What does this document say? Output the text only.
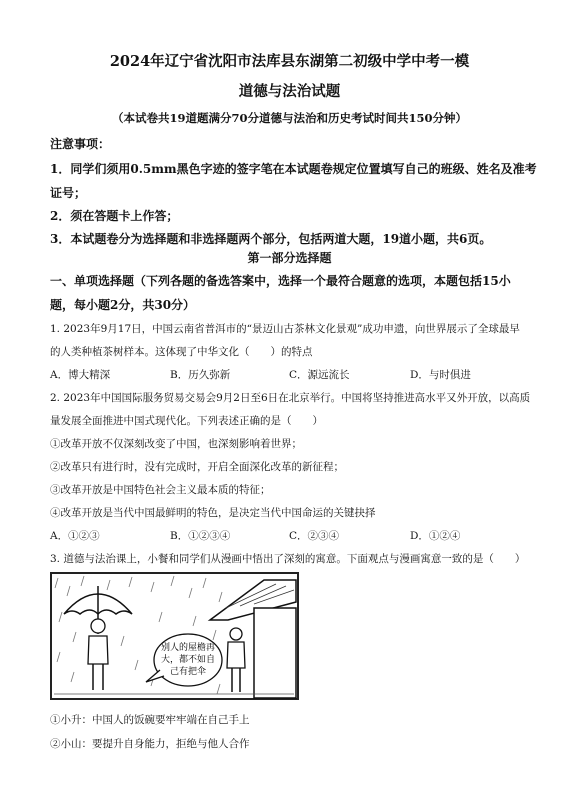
2024年辽宁省沈阳市法库县东湖第二初级中学中考一模
道德与法治试题
（本试卷共19道题满分70分道德与法治和历史考试时间共150分钟）
注意事项：
1．同学们须用0.5mm黑色字迹的签字笔在本试题卷规定位置填写自己的班级、姓名及准考
证号；
2．须在答题卡上作答；
3．本试题卷分为选择题和非选择题两个部分，包括两道大题，19道小题，共6页。
第一部分选择题
一、单项选择题（下列各题的备选答案中，选择一个最符合题意的选项，本题包括15小
题，每小题2分，共30分）
1. 2023年9月17日，中国云南省普洱市的“景迈山古茶林文化景观”成功申遗，向世界展示了全球最早
的人类种植茶树样本。这体现了中华文化（　　）的特点
A．博大精深	B．历久弥新	C．源远流长	D．与时俱进
2. 2023年中国国际服务贸易交易会9月2日至6日在北京举行。中国将坚持推进高水平又外开放，以高质
量发展全面推进中国式现代化。下列表述正确的是（　　）
①改革开放不仅深刻改变了中国，也深刻影响着世界；
②改革只有进行时，没有完成时，开启全面深化改革的新征程；
③改革开放是中国特色社会主义最本质的特征；
④改革开放是当代中国最鲜明的特色，是决定当代中国命运的关键抉择
A．①②③	B．①②③④	C．②③④	D．①②④
3. 道德与法治课上，小餐和同学们从漫画中悟出了深刻的寓意。下面观点与漫画寓意一致的是（　　）
别人的屋檐再
大，都不如自
己有把伞
①小升：中国人的饭碗要牢牢端在自己手上
②小山：要提升自身能力，拒绝与他人合作
